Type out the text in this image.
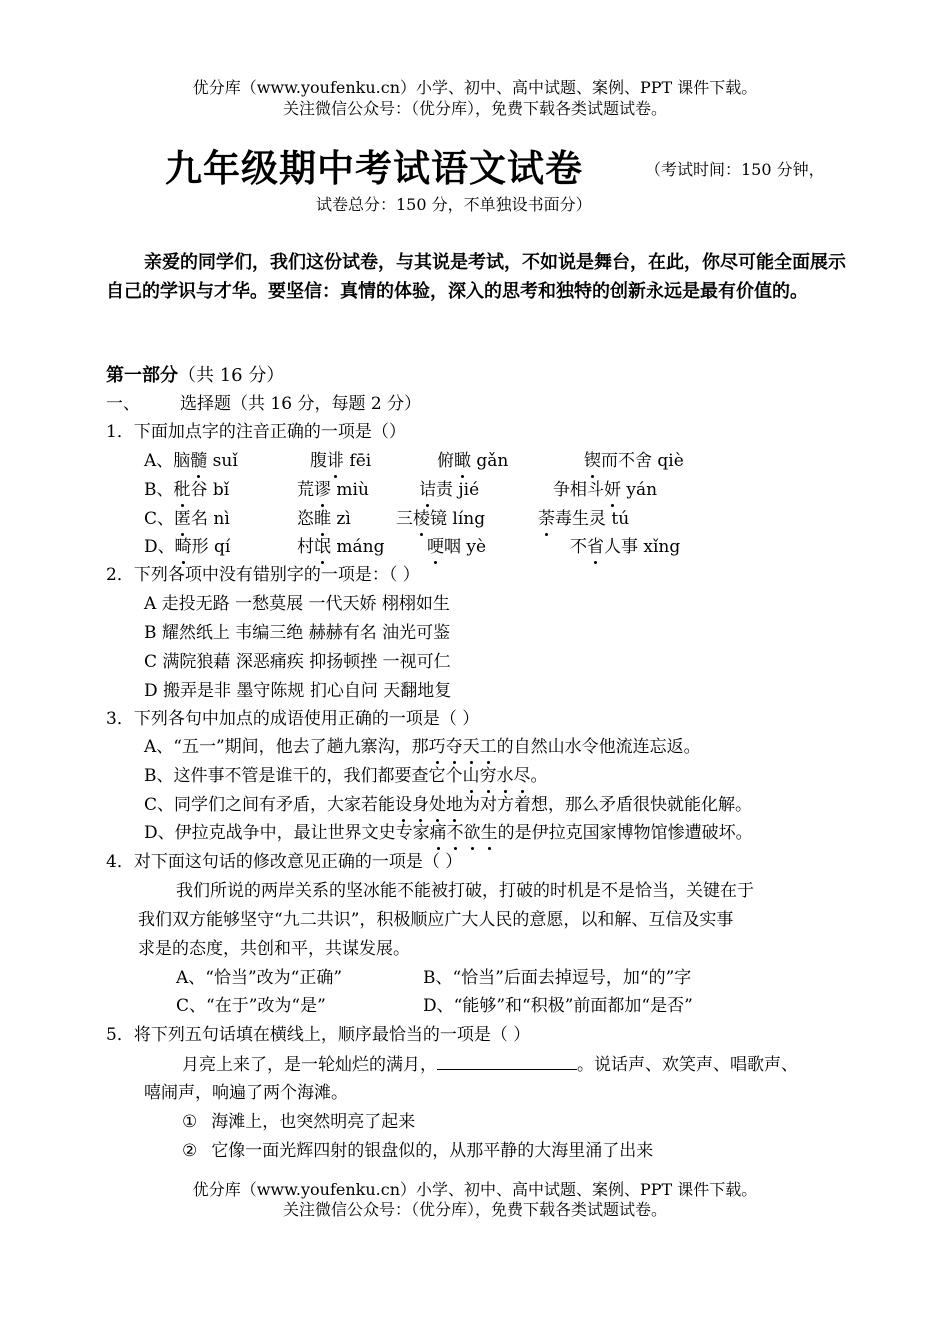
优分库（www.youfenku.cn）小学、初中、高中试题、案例、PPT 课件下载。
关注微信公众号：（优分库），免费下载各类试题试卷。
九年级期中考试语文试卷	（考试时间：150 分钟，
试卷总分：150 分，不单独设书面分）
亲爱的同学们，我们这份试卷，与其说是考试，不如说是舞台，在此，你尽可能全面展示自己的学识与才华。要坚信：真情的体验，深入的思考和独特的创新永远是最有价值的。
第一部分（共 16 分）
一、 选择题（共 16 分，每题 2 分）
1．下面加点字的注音正确的一项是（）
A、脑髓 suǐ	腹诽 fēi	俯瞰 gǎn	锲而不舍 qiè
B、秕谷 bǐ	荒谬 miù	诘责 jié	争相斗妍 yán
C、匿名 nì	恣睢 zì	三棱镜 líng	荼毒生灵 tú
D、畸形 qí	村氓 máng	哽咽 yè	不省人事 xǐng
2．下列各项中没有错别字的一项是：（ ）
A 走投无路 一愁莫展 一代天娇 栩栩如生
B 耀然纸上 韦编三绝 赫赫有名 油光可鉴
C 满院狼藉 深恶痛疾 抑扬顿挫 一视可仁
D 搬弄是非 墨守陈规 扪心自问 天翻地复
3．下列各句中加点的成语使用正确的一项是（ ）
A、“五一”期间，他去了趟九寨沟，那巧夺天工的自然山水令他流连忘返。
B、这件事不管是谁干的，我们都要查它个山穷水尽。
C、同学们之间有矛盾，大家若能设身处地为对方着想，那么矛盾很快就能化解。
D、伊拉克战争中，最让世界文史专家痛不欲生的是伊拉克国家博物馆惨遭破坏。
4．对下面这句话的修改意见正确的一项是（ ）
我们所说的两岸关系的坚冰能不能被打破，打破的时机是不是恰当，关键在于
我们双方能够坚守“九二共识”，积极顺应广大人民的意愿，以和解、互信及实事
求是的态度，共创和平，共谋发展。
A、“恰当”改为“正确”	B、“恰当”后面去掉逗号，加“的”字
C、“在于”改为“是”	D、“能够”和“积极”前面都加“是否”
5．将下列五句话填在横线上，顺序最恰当的一项是（ ）
月亮上来了，是一轮灿烂的满月，	。说话声、欢笑声、唱歌声、
嘻闹声，响遍了两个海滩。
① 海滩上，也突然明亮了起来
② 它像一面光辉四射的银盘似的，从那平静的大海里涌了出来
优分库（www.youfenku.cn）小学、初中、高中试题、案例、PPT 课件下载。
关注微信公众号：（优分库），免费下载各类试题试卷。
